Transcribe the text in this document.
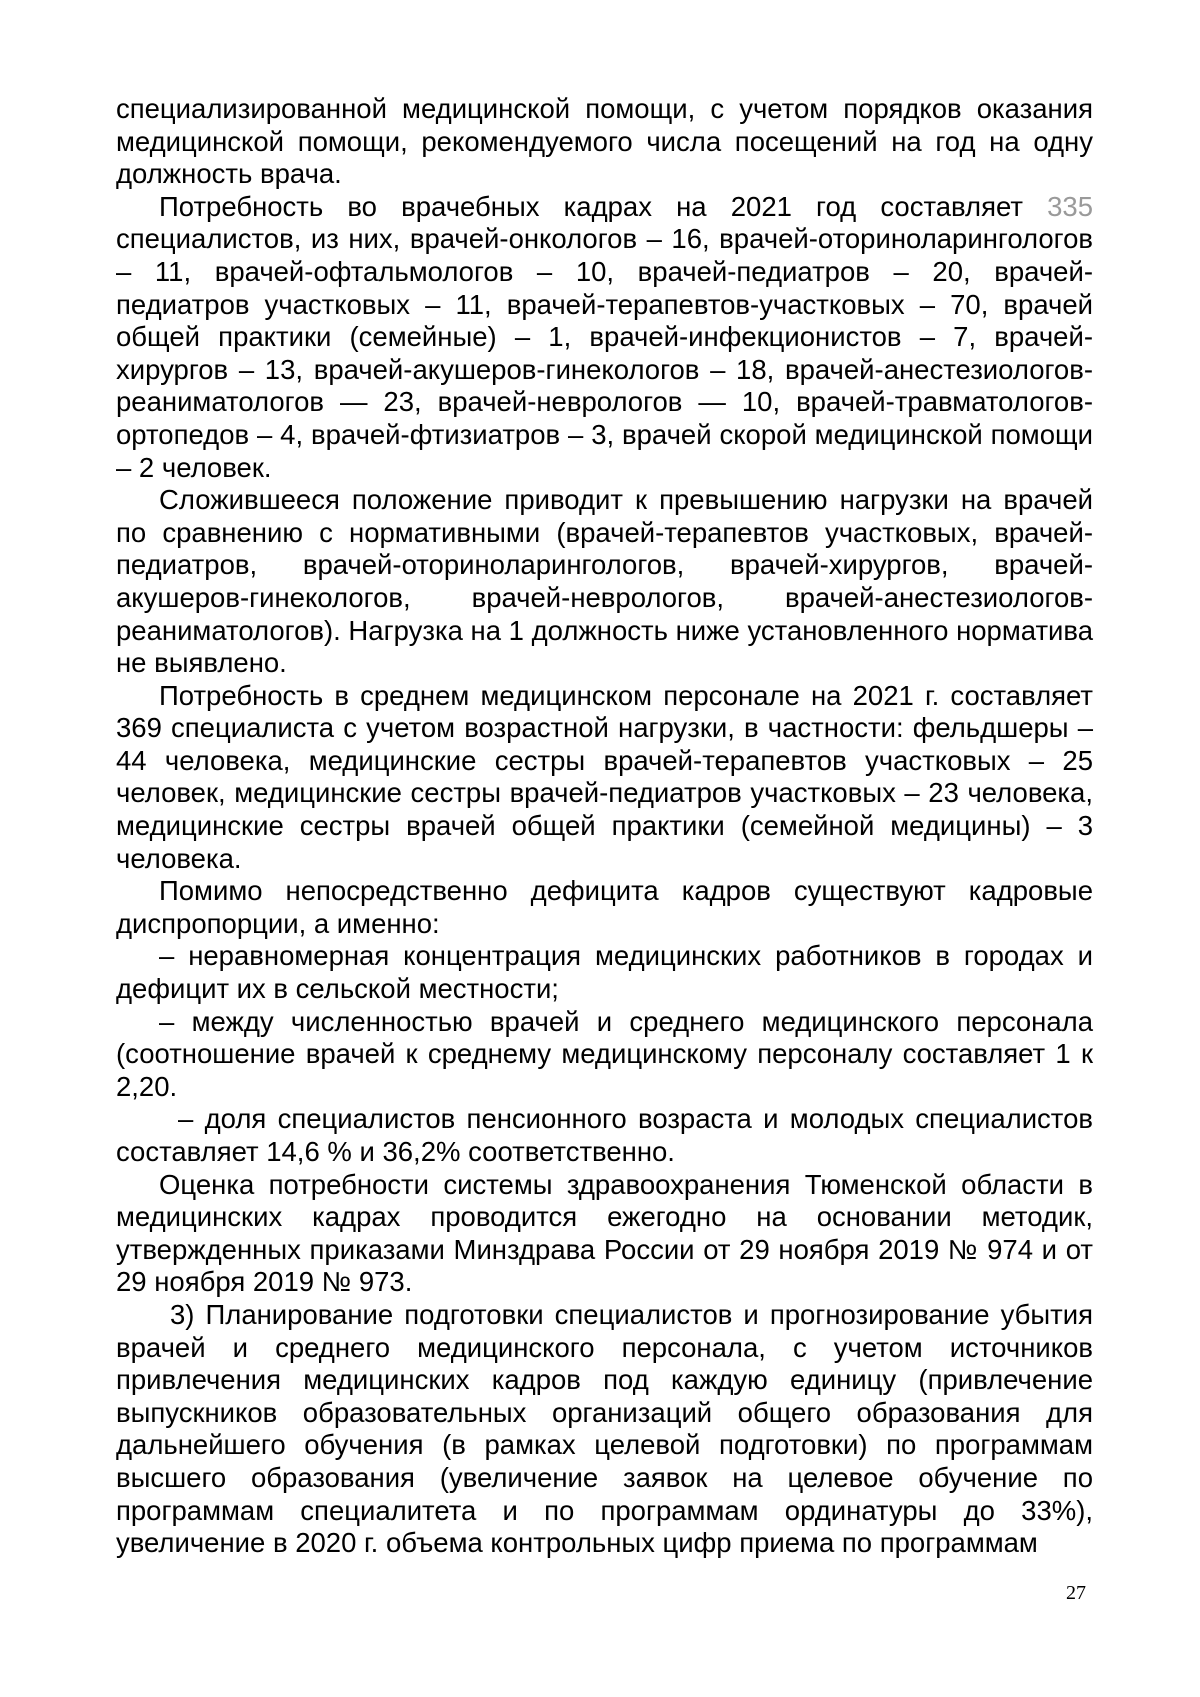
специализированной медицинской помощи, с учетом порядков оказания медицинской помощи, рекомендуемого числа посещений на год на одну должность врача.

Потребность во врачебных кадрах на 2021 год составляет 335 специалистов, из них, врачей-онкологов – 16, врачей-оториноларингологов – 11, врачей-офтальмологов – 10, врачей-педиатров – 20, врачей-педиатров участковых – 11, врачей-терапевтов-участковых – 70, врачей общей практики (семейные) – 1, врачей-инфекционистов – 7, врачей-хирургов – 13, врачей-акушеров-гинекологов – 18, врачей-анестезиологов-реаниматологов — 23, врачей-неврологов — 10, врачей-травматологов-ортопедов – 4, врачей-фтизиатров – 3, врачей скорой медицинской помощи – 2 человек.

Сложившееся положение приводит к превышению нагрузки на врачей по сравнению с нормативными (врачей-терапевтов участковых, врачей-педиатров, врачей-оториноларингологов, врачей-хирургов, врачей-акушеров-гинекологов, врачей-неврологов, врачей-анестезиологов-реаниматологов). Нагрузка на 1 должность ниже установленного норматива не выявлено.

Потребность в среднем медицинском персонале на 2021 г. составляет 369 специалиста с учетом возрастной нагрузки, в частности: фельдшеры – 44 человека, медицинские сестры врачей-терапевтов участковых – 25 человек, медицинские сестры врачей-педиатров участковых – 23 человека, медицинские сестры врачей общей практики (семейной медицины) – 3 человека.

Помимо непосредственно дефицита кадров существуют кадровые диспропорции, а именно:

– неравномерная концентрация медицинских работников в городах и дефицит их в сельской местности;

– между численностью врачей и среднего медицинского персонала (соотношение врачей к среднему медицинскому персоналу составляет 1 к 2,20.

– доля специалистов пенсионного возраста и молодых специалистов составляет 14,6 % и 36,2% соответственно.

Оценка потребности системы здравоохранения Тюменской области в медицинских кадрах проводится ежегодно на основании методик, утвержденных приказами Минздрава России от 29 ноября 2019 № 974 и от 29 ноября 2019 № 973.

3) Планирование подготовки специалистов и прогнозирование убытия врачей и среднего медицинского персонала, с учетом источников привлечения медицинских кадров под каждую единицу (привлечение выпускников образовательных организаций общего образования для дальнейшего обучения (в рамках целевой подготовки) по программам высшего образования (увеличение заявок на целевое обучение по программам специалитета и по программам ординатуры до 33%), увеличение в 2020 г. объема контрольных цифр приема по программам

27
